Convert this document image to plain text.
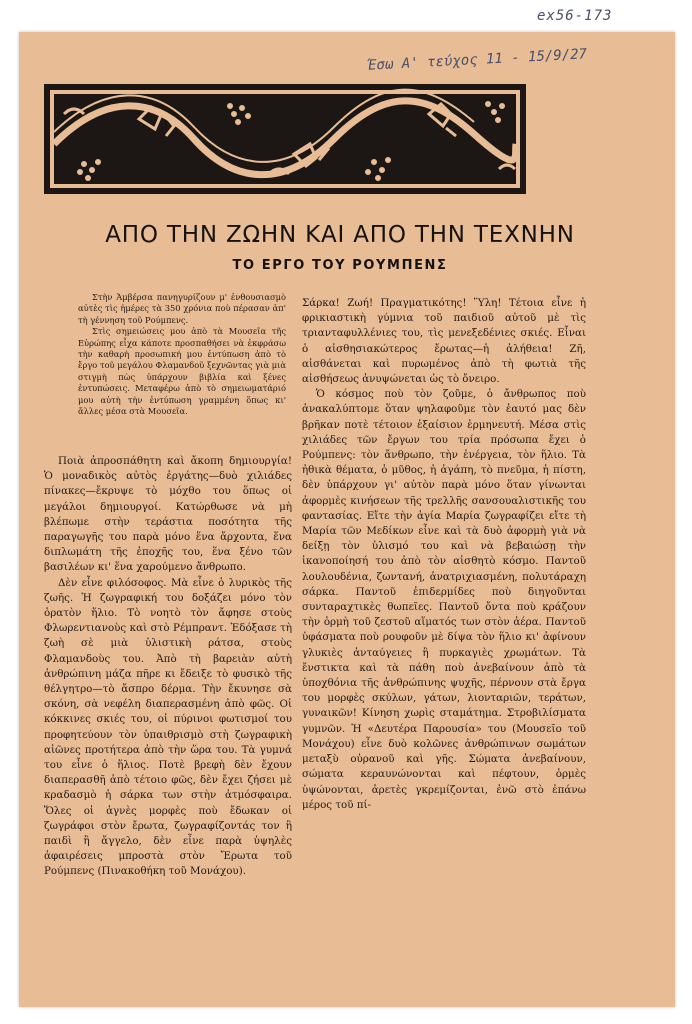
ex56-173
Έσω Α' τεύχος 11 - 15/9/27
ΑΠΟ ΤΗΝ ΖΩΗΝ ΚΑΙ ΑΠΟ ΤΗΝ ΤΕΧΝΗΝ
ΤΟ ΕΡΓΟ ΤΟΥ ΡΟΥΜΠΕΝΣ

Στὴν Ἀμβέρσα πανηγυρίζουν μ' ἐνθουσιασμὸ αὐτὲς τὶς ἡμέρες τὰ 350 χρόνια ποὺ πέρασαν ἀπ' τὴ γέννηση τοῦ Ρούμπενς.

Στὶς σημειώσεις μου ἀπὸ τὰ Μουσεῖα τῆς Εὐρώπης εἶχα κάποτε προσπαθήσει νὰ ἐκφράσω τὴν καθαρὴ προσωπική μου ἐντύπωση ἀπὸ τὸ ἔργο τοῦ μεγάλου Φλαμανδοῦ ξεχνῶντας γιὰ μιὰ στιγμὴ πὼς ὑπάρχουν βιβλία καὶ ξένες ἐντυπώσεις. Μεταφέρω ἀπὸ τὸ σημειωματάριό μου αὐτὴ τὴν ἐντύπωση γραμμένη ὅπως κι' ἄλλες μέσα στὰ Μουσεῖα.

Ποιὰ ἀπροσπάθητη καὶ ἄκοπη δημιουργία! Ὁ μοναδικὸς αὐτὸς ἐργάτης—δυὸ χιλιάδες πίνακες—ἔκρυψε τὸ μόχθο του ὅπως οἱ μεγάλοι δημιουργοί. Κατώρθωσε νὰ μὴ βλέπωμε στὴν τεράστια ποσότητα τῆς παραγωγῆς του παρὰ μόνο ἕνα ἄρχοντα, ἕνα διπλωμάτη τῆς ἐποχῆς του, ἕνα ξένο τῶν βασιλέων κι' ἕνα χαρούμενο ἄνθρωπο.

Δὲν εἶνε φιλόσοφος. Μὰ εἶνε ὁ λυρικὸς τῆς ζωῆς. Ἡ ζωγραφική του δοξάζει μόνο τὸν ὁρατὸν ἥλιο. Τὸ νοητὸ τὸν ἄφησε στοὺς Φλωρεντιανοὺς καὶ στὸ Ρέμπραντ. Ἐδόξασε τὴ ζωὴ σὲ μιὰ ὑλιστικὴ ράτσα, στοὺς Φλαμανδοὺς του. Ἀπὸ τὴ βαρειὰν αὐτὴ ἀνθρώπινη μάζα πῆρε κι ἔδειξε τὸ φυσικὸ τῆς θέλγητρο—τὸ ἄσπρο δέρμα. Τὴν ἔκυνησε σὰ σκόνη, σὰ νεφέλη διαπερασμένη ἀπὸ φῶς. Οἱ κόκκινες σκιές του, οἱ πύρινοι φωτισμοί του προφητεύουν τὸν ὑπαιθρισμὸ στὴ ζωγραφικὴ αἰῶνες προτήτερα ἀπὸ τὴν ὥρα του. Τὰ γυμνά του εἶνε ὁ ἥλιος. Ποτὲ βρεφὴ δὲν ἔχουν διαπερασθῆ ἀπὸ τέτοιο φῶς, δὲν ἔχει ζήσει μὲ κραδασμὸ ἡ σάρκα των στὴν ἀτμόσφαιρα. Ὅλες οἱ ἁγνὲς μορφὲς ποὺ ἔδωκαν οἱ ζωγράφοι στὸν ἔρωτα, ζωγραφίζοντάς τον ἢ παιδὶ ἢ ἄγγελο, δὲν εἶνε παρὰ ὑψηλὲς ἀφαιρέσεις μπροστὰ στὸν Ἔρωτα τοῦ Ρούμπενς (Πινακοθήκη τοῦ Μονάχου).

Σάρκα! Ζωή! Πραγματικότης! Ὕλη! Τέτοια εἶνε ἡ φρικιαστικὴ γύμνια τοῦ παιδιοῦ αὐτοῦ μὲ τὶς τριανταφυλλένιες του, τὶς μενεξεδένιες σκιές. Εἶναι ὁ αἰσθησιακώτερος ἔρωτας—ἡ ἀλήθεια! Ζῆ, αἰσθάνεται καὶ πυρωμένος ἀπὸ τὴ φωτιὰ τῆς αἰσθήσεως ἀνυψώνεται ὡς τὸ ὄνειρο.

Ὁ κόσμος ποὺ τὸν ζοῦμε, ὁ ἄνθρωπος ποὺ ἀνακαλύπτομε ὅταν ψηλαφοῦμε τὸν ἑαυτό μας δὲν βρῆκαν ποτὲ τέτοιον ἐξαίσιον ἑρμηνευτή. Μέσα στὶς χιλιάδες τῶν ἔργων του τρία πρόσωπα ἔχει ὁ Ρούμπενς: τὸν ἄνθρωπο, τὴν ἐνέργεια, τὸν ἥλιο. Τὰ ἠθικὰ θέματα, ὁ μῦθος, ἡ ἀγάπη, τὸ πνεῦμα, ἡ πίστη, δὲν ὑπάρχουν γι' αὐτὸν παρὰ μόνο ὅταν γίνωνται ἀφορμὲς κινήσεων τῆς τρελλῆς σανσουαλιστικῆς του φαντασίας. Εἴτε τὴν ἁγία Μαρία ζωγραφίζει εἴτε τὴ Μαρία τῶν Μεδίκων εἶνε καὶ τὰ δυὸ ἀφορμὴ γιὰ νὰ δείξῃ τὸν ὑλισμό του καὶ νὰ βεβαιώσῃ τὴν ἱκανοποίησή του ἀπὸ τὸν αἰσθητὸ κόσμο. Παντοῦ λουλουδένια, ζωντανή, ἀνατριχιασμένη, πολυτάραχη σάρκα. Παντοῦ ἐπιδερμίδες ποὺ διηγοῦνται συνταραχτικὲς θωπεῖες. Παντοῦ ὄντα ποὺ κράζουν τὴν ὁρμὴ τοῦ ζεστοῦ αἵματός των στὸν ἀέρα. Παντοῦ ὑφάσματα ποὺ ρουφοῦν μὲ δίψα τὸν ἥλιο κι' ἀφίνουν γλυκιὲς ἀνταύγειες ἢ πυρκαγιὲς χρωμάτων. Τὰ ἔνστικτα καὶ τὰ πάθη ποὺ ἀνεβαίνουν ἀπὸ τὰ ὑποχθόνια τῆς ἀνθρώπινης ψυχῆς, πέρνουν στὰ ἔργα του μορφὲς σκύλων, γάτων, λιονταριῶν, τεράτων, γυναικῶν! Κίνηση χωρὶς σταμάτημα. Στροβιλίσματα γυμνῶν. Ἡ «Δευτέρα Παρουσία» του (Μουσεῖο τοῦ Μονάχου) εἶνε δυὸ κολῶνες ἀνθρώπινων σωμάτων μεταξὺ οὐρανοῦ καὶ γῆς. Σώματα ἀνεβαίνουν, σώματα κεραυνώνονται καὶ πέφτουν, ὁρμὲς ὑψώνονται, ἀρετὲς γκρεμίζονται, ἐνῶ στὸ ἐπάνω μέρος τοῦ πί-
